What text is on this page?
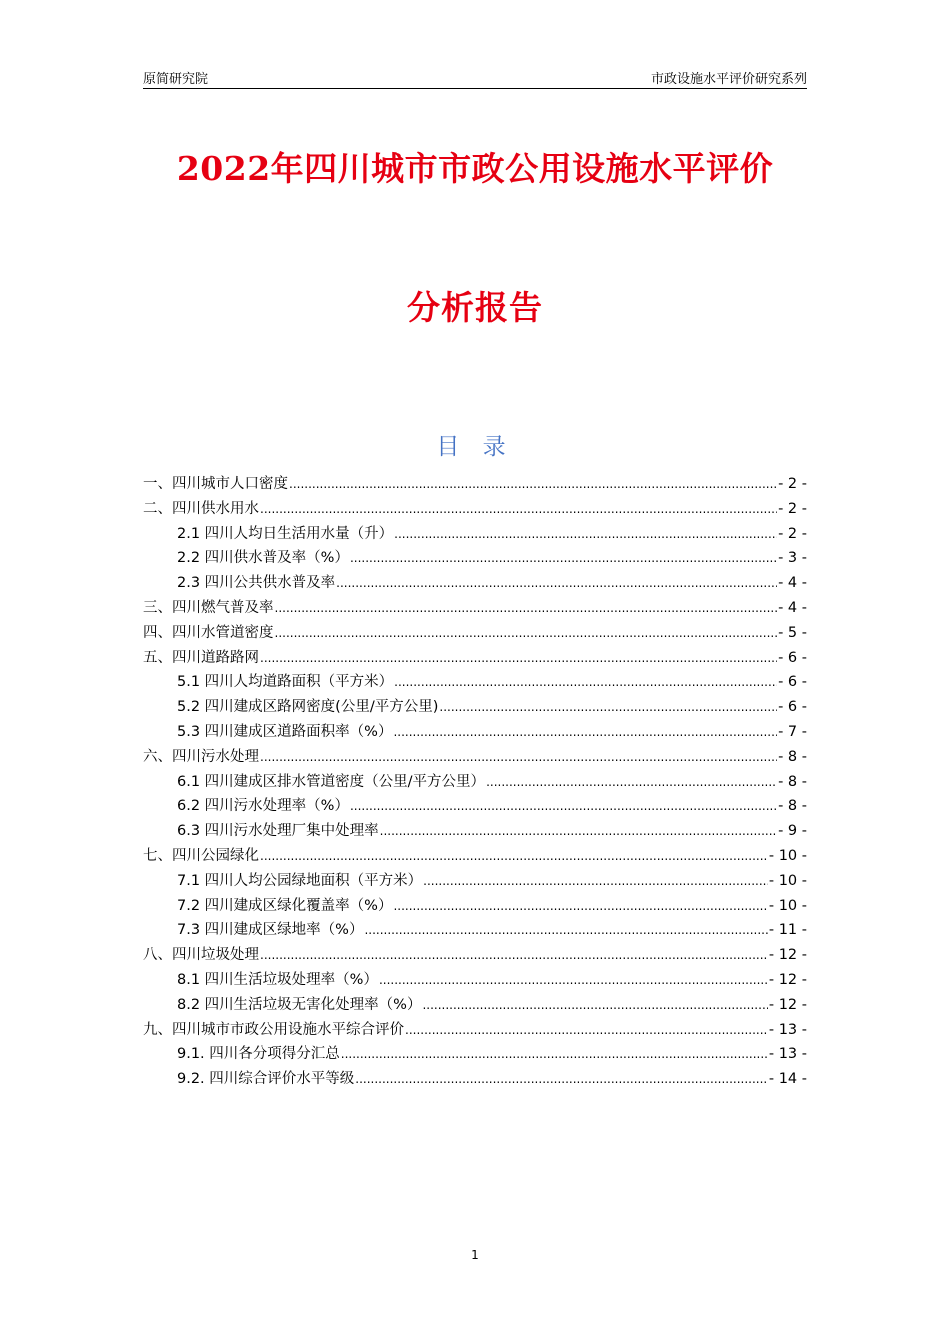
原简研究院	市政设施水平评价研究系列
2022年四川城市市政公用设施水平评价
分析报告
目 录
一、四川城市人口密度 .....	- 2 -
二、四川供水用水 .....	- 2 -
2.1 四川人均日生活用水量（升） .....	- 2 -
2.2 四川供水普及率（%） .....	- 3 -
2.3 四川公共供水普及率 .....	- 4 -
三、四川燃气普及率 .....	- 4 -
四、四川水管道密度 .....	- 5 -
五、四川道路路网 .....	- 6 -
5.1 四川人均道路面积（平方米） .....	- 6 -
5.2 四川建成区路网密度(公里/平方公里) .....	- 6 -
5.3 四川建成区道路面积率（%） .....	- 7 -
六、四川污水处理 .....	- 8 -
6.1 四川建成区排水管道密度（公里/平方公里） .....	- 8 -
6.2 四川污水处理率（%） .....	- 8 -
6.3 四川污水处理厂集中处理率 .....	- 9 -
七、四川公园绿化 .....	- 10 -
7.1 四川人均公园绿地面积（平方米） .....	- 10 -
7.2 四川建成区绿化覆盖率（%） .....	- 10 -
7.3 四川建成区绿地率（%） .....	- 11 -
八、四川垃圾处理 .....	- 12 -
8.1 四川生活垃圾处理率（%） .....	- 12 -
8.2 四川生活垃圾无害化处理率（%） .....	- 12 -
九、四川城市市政公用设施水平综合评价 .....	- 13 -
9.1. 四川各分项得分汇总 .....	- 13 -
9.2. 四川综合评价水平等级 .....	- 14 -
1
